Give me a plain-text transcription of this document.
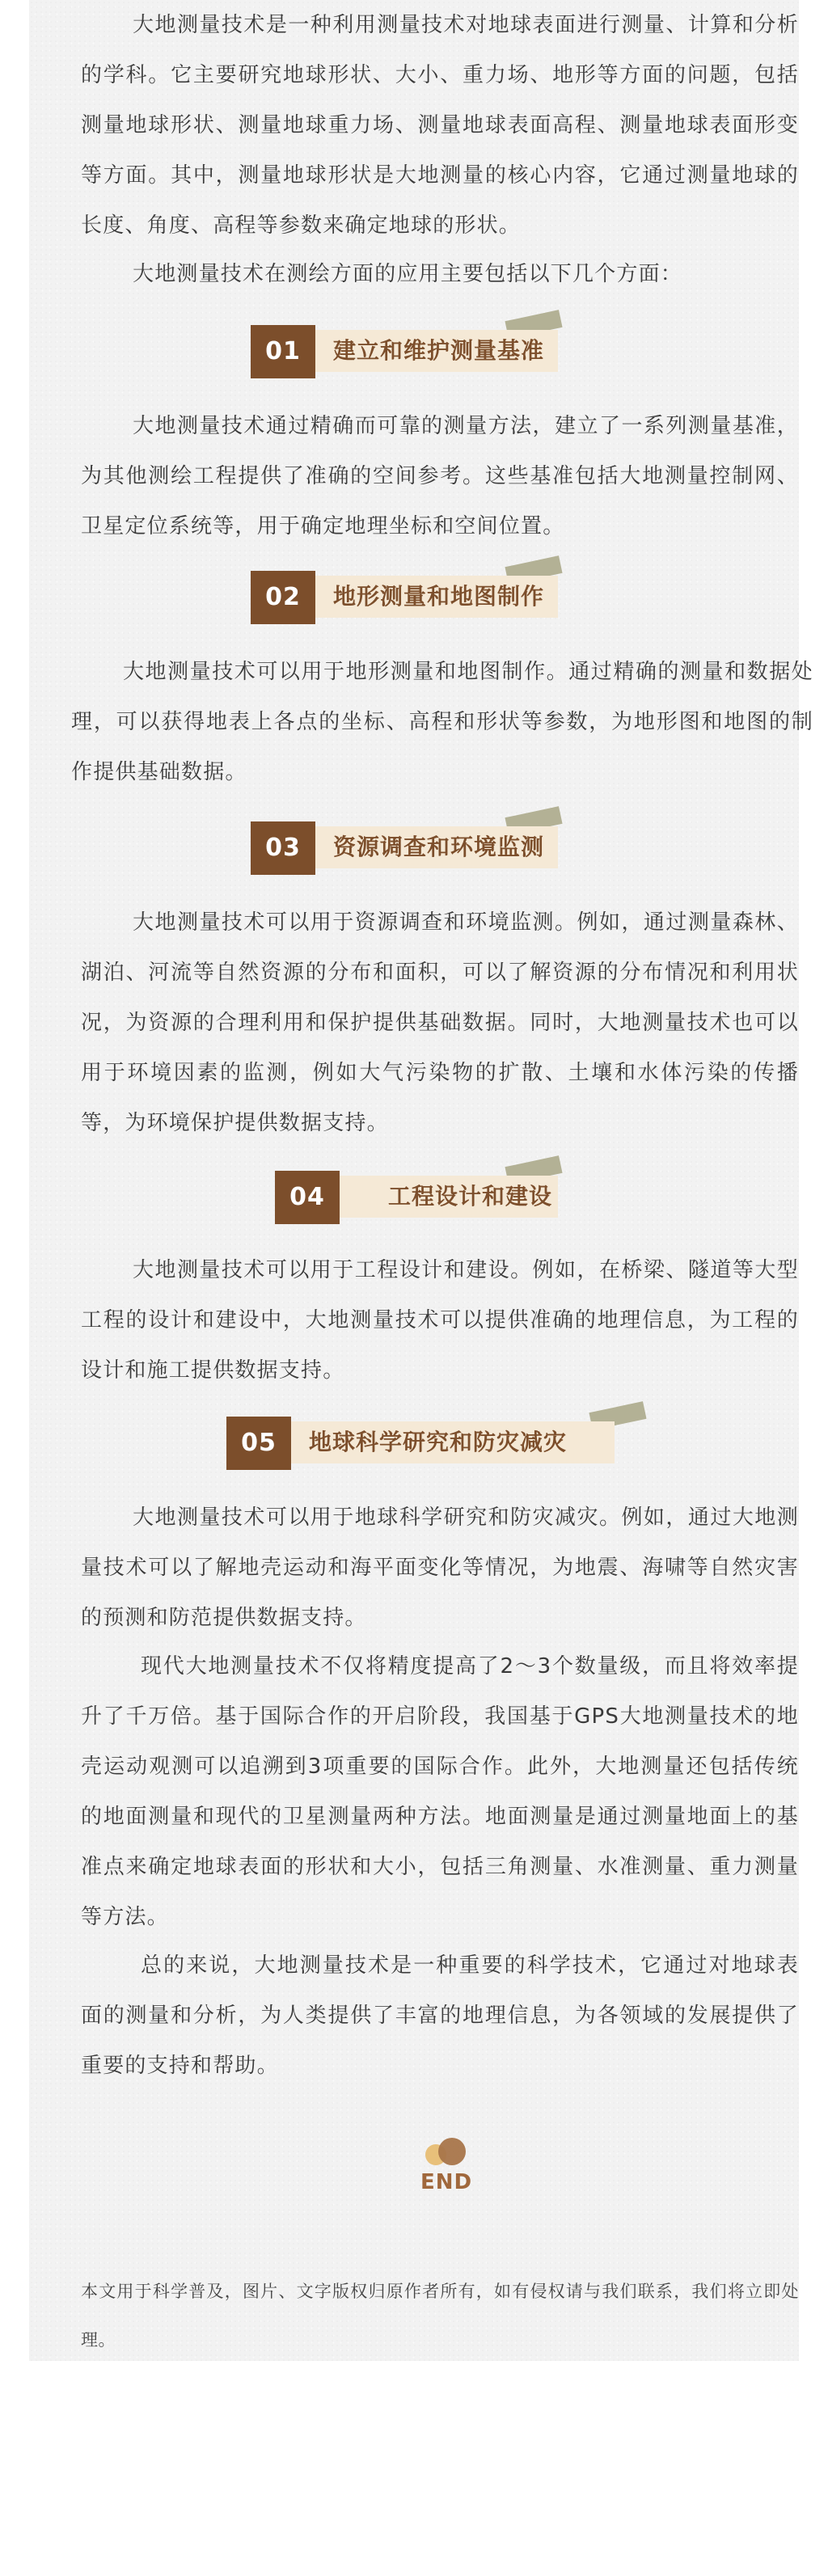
大地测量技术是一种利用测量技术对地球表面进行测量、计算和分析的学科。它主要研究地球形状、大小、重力场、地形等方面的问题，包括测量地球形状、测量地球重力场、测量地球表面高程、测量地球表面形变等方面。其中，测量地球形状是大地测量的核心内容，它通过测量地球的长度、角度、高程等参数来确定地球的形状。

大地测量技术在测绘方面的应用主要包括以下几个方面：

01	建立和维护测量基准

大地测量技术通过精确而可靠的测量方法，建立了一系列测量基准，为其他测绘工程提供了准确的空间参考。这些基准包括大地测量控制网、卫星定位系统等，用于确定地理坐标和空间位置。

02	地形测量和地图制作

大地测量技术可以用于地形测量和地图制作。通过精确的测量和数据处理，可以获得地表上各点的坐标、高程和形状等参数，为地形图和地图的制作提供基础数据。

03	资源调查和环境监测

大地测量技术可以用于资源调查和环境监测。例如，通过测量森林、湖泊、河流等自然资源的分布和面积，可以了解资源的分布情况和利用状况，为资源的合理利用和保护提供基础数据。同时，大地测量技术也可以用于环境因素的监测，例如大气污染物的扩散、土壤和水体污染的传播等，为环境保护提供数据支持。

04	工程设计和建设

大地测量技术可以用于工程设计和建设。例如，在桥梁、隧道等大型工程的设计和建设中，大地测量技术可以提供准确的地理信息，为工程的设计和施工提供数据支持。

05	地球科学研究和防灾减灾

大地测量技术可以用于地球科学研究和防灾减灾。例如，通过大地测量技术可以了解地壳运动和海平面变化等情况，为地震、海啸等自然灾害的预测和防范提供数据支持。

现代大地测量技术不仅将精度提高了2～3个数量级，而且将效率提升了千万倍。基于国际合作的开启阶段，我国基于GPS大地测量技术的地壳运动观测可以追溯到3项重要的国际合作。此外，大地测量还包括传统的地面测量和现代的卫星测量两种方法。地面测量是通过测量地面上的基准点来确定地球表面的形状和大小，包括三角测量、水准测量、重力测量等方法。

总的来说，大地测量技术是一种重要的科学技术，它通过对地球表面的测量和分析，为人类提供了丰富的地理信息，为各领域的发展提供了重要的支持和帮助。

END

本文用于科学普及，图片、文字版权归原作者所有，如有侵权请与我们联系，我们将立即处理。
